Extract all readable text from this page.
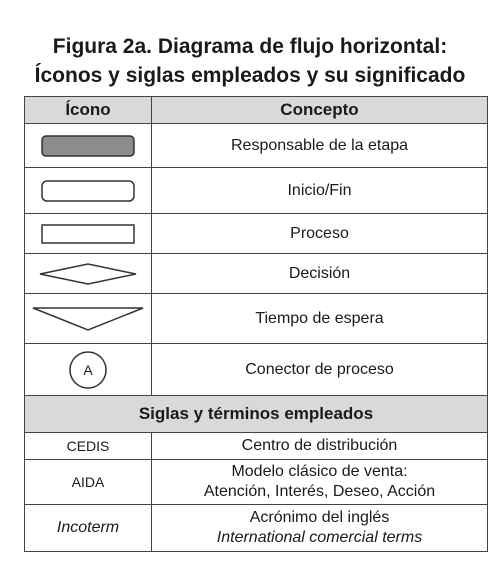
Figura 2a. Diagrama de flujo horizontal:
Íconos y siglas empleados y su significado
Ícono	Concepto

	Responsable de la etapa

	Inicio/Fin

	Proceso

	Decisión

	Tiempo de espera

A	Conector de proceso
Siglas y términos empleados	
CEDIS	Centro de distribución
AIDA	Modelo clásico de venta:
Atención, Interés, Deseo, Acción

Incoterm	Acrónimo del inglés
International comercial terms
